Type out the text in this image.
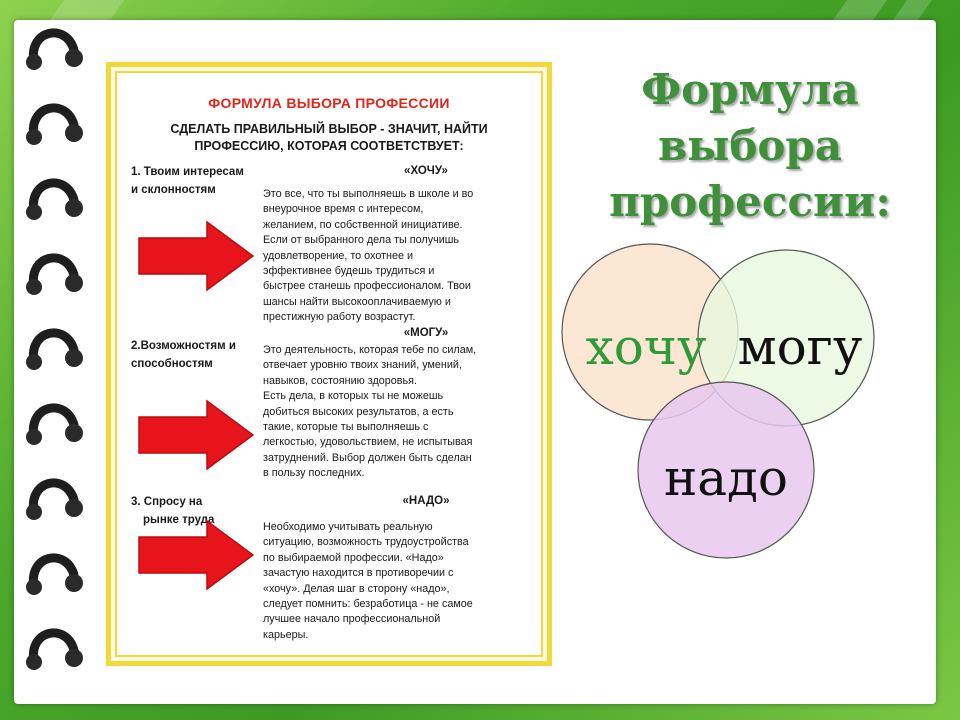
ФОРМУЛА ВЫБОРА ПРОФЕССИИ
СДЕЛАТЬ ПРАВИЛЬНЫЙ ВЫБОР - ЗНАЧИТ, НАЙТИ
ПРОФЕССИЮ, КОТОРАЯ СООТВЕТСТВУЕТ:
1. Твоим интересам
и склонностям
«ХОЧУ»
Это все, что ты выполняешь в школе и во
внеурочное время с интересом,
желанием, по собственной инициативе.
Если от выбранного дела ты получишь
удовлетворение, то охотнее и
эффективнее будешь трудиться и
быстрее станешь профессионалом. Твои
шансы найти высокооплачиваемую и
престижную работу возрастут.
2.Возможностям и
способностям
«МОГУ»
Это деятельность, которая тебе по силам,
отвечает уровню твоих знаний, умений,
навыков, состоянию здоровья.
Есть дела, в которых ты не можешь
добиться высоких результатов, а есть
такие, которые ты выполняешь с
легкостью, удовольствием, не испытывая
затруднений. Выбор должен быть сделан
в пользу последних.
3. Спросу на
рынке труда
«НАДО»
Необходимо учитывать реальную
ситуацию, возможность трудоустройства
по выбираемой профессии. «Надо»
зачастую находится в противоречии с
«хочу». Делая шаг в сторону «надо»,
следует помнить: безработица - не самое
лучшее начало профессиональной
карьеры.
Формула
выбора
профессии:
хочу могу
надо
